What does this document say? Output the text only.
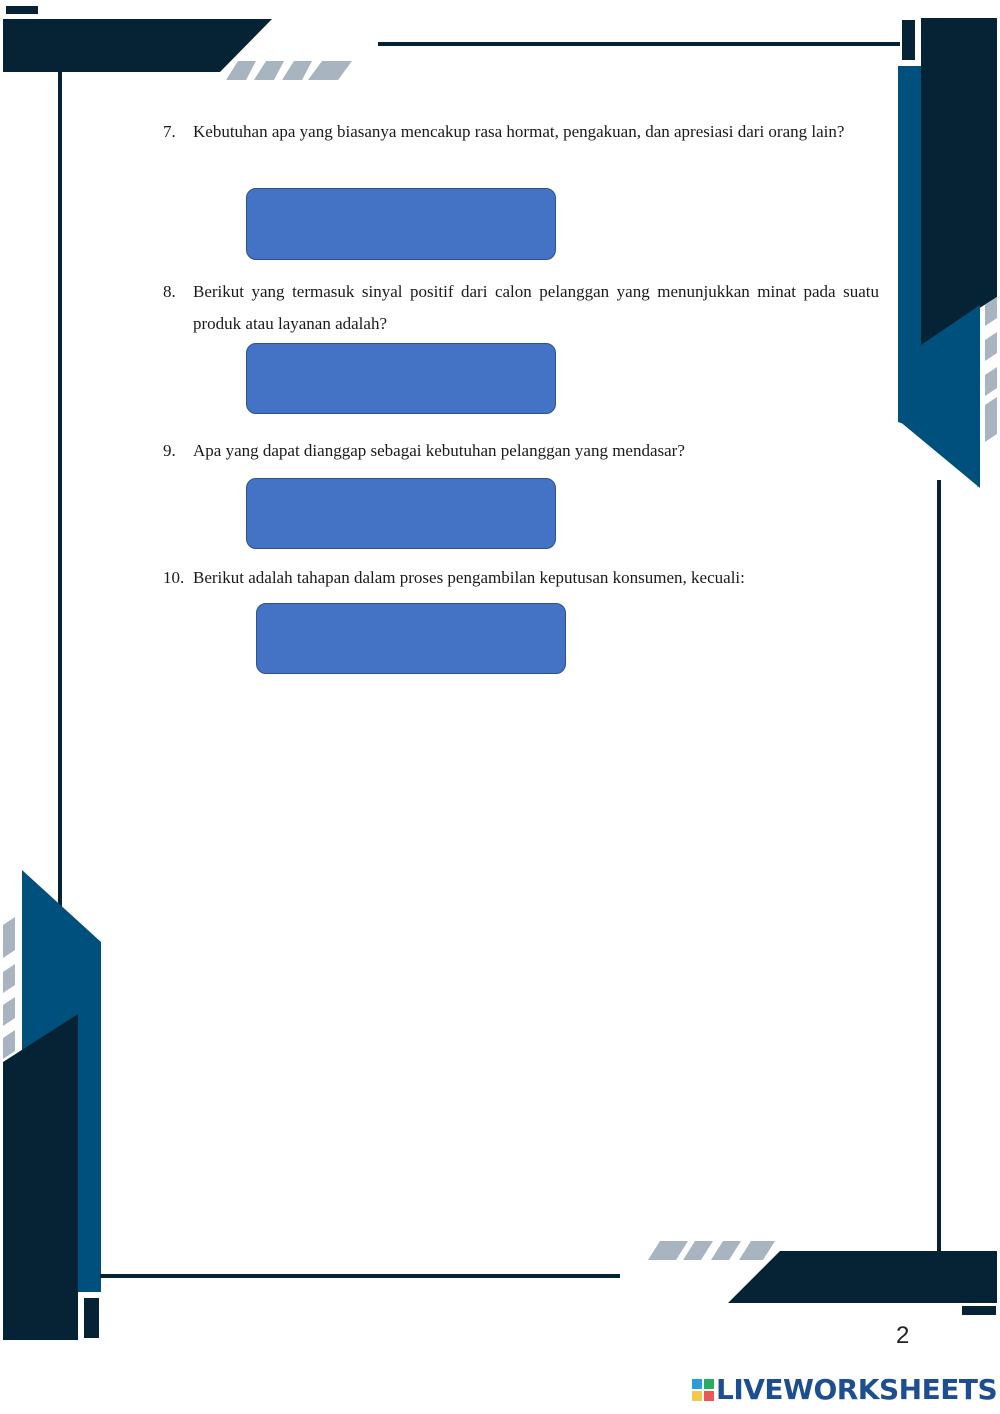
7. Kebutuhan apa yang biasanya mencakup rasa hormat, pengakuan, dan apresiasi dari orang lain?
8. Berikut yang termasuk sinyal positif dari calon pelanggan yang menunjukkan minat pada suatu produk atau layanan adalah?
9. Apa yang dapat dianggap sebagai kebutuhan pelanggan yang mendasar?
10. Berikut adalah tahapan dalam proses pengambilan keputusan konsumen, kecuali:
2
LIVEWORKSHEETS
